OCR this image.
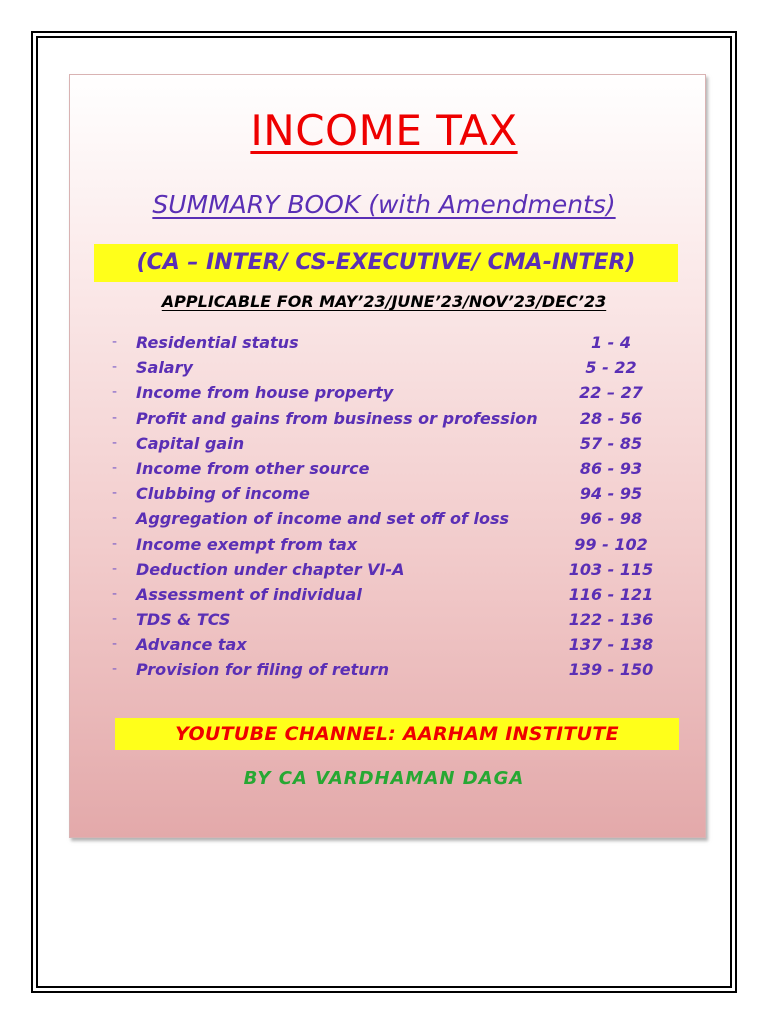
INCOME TAX
SUMMARY BOOK (with Amendments)
(CA – INTER/ CS-EXECUTIVE/ CMA-INTER)
APPLICABLE FOR MAY’23/JUNE’23/NOV’23/DEC’23
- Residential status	1 - 4
- Salary	5 - 22
- Income from house property	22 – 27
- Profit and gains from business or profession	28 - 56
- Capital gain	57 - 85
- Income from other source	86 - 93
- Clubbing of income	94 - 95
- Aggregation of income and set off of loss	96 - 98
- Income exempt from tax	99 - 102
- Deduction under chapter VI-A	103 - 115
- Assessment of individual	116 - 121
- TDS & TCS	122 - 136
- Advance tax	137 - 138
- Provision for filing of return	139 - 150
YOUTUBE CHANNEL: AARHAM INSTITUTE
BY CA VARDHAMAN DAGA
